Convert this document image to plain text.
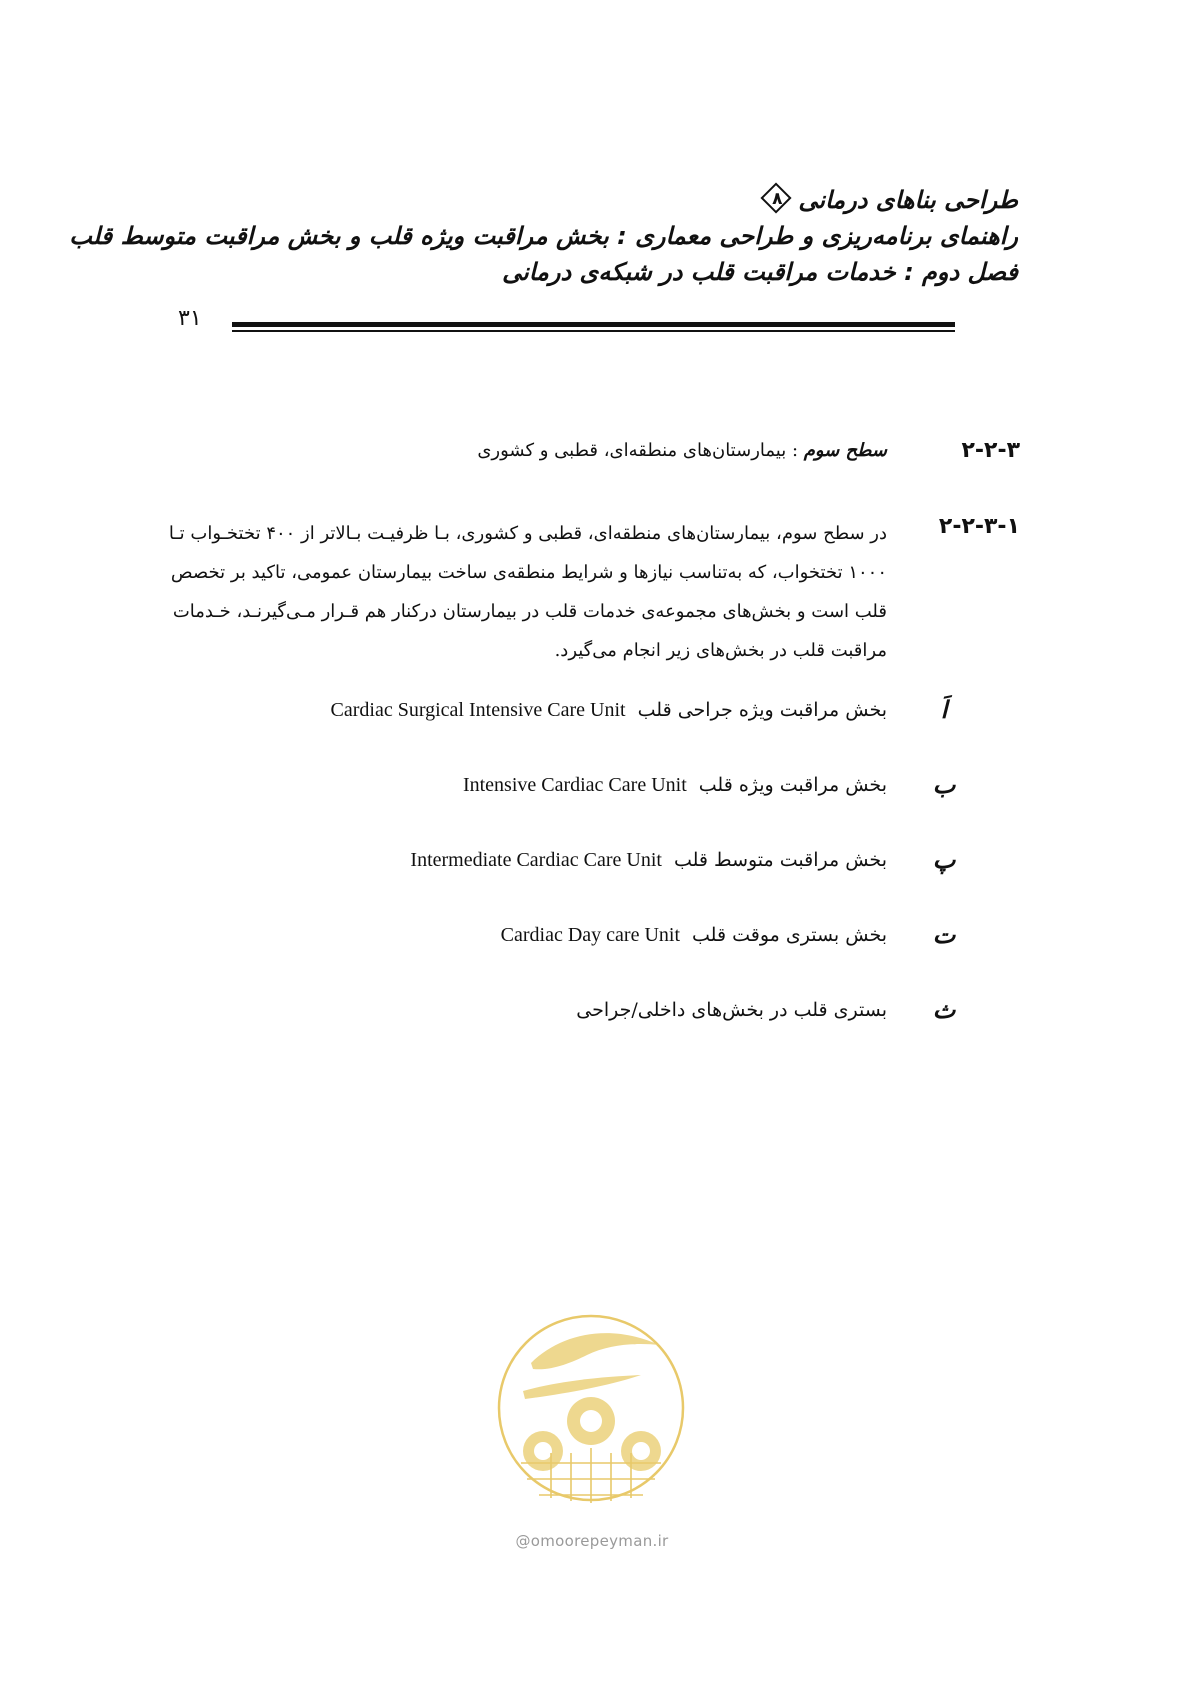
طراحی بناهای درمانی
۸

راهنمای برنامه‌ریزی و طراحی معماری : بخش مراقبت ویژه قلب و بخش مراقبت متوسط قلب

فصل دوم : خدمات مراقبت قلب در شبکه‌ی درمانی

۳۱
۲-۲-۳
سطح سوم : بیمارستان‌های منطقه‌ای، قطبی و کشوری
۲-۲-۳-۱
در سطح سوم، بیمارستان‌های منطقه‌ای، قطبی و کشوری، بـا ظرفیـت بـالاتر از ۴۰۰ تختخـواب تـا
۱۰۰۰ تختخواب، که به‌تناسب نیازها و شرایط منطقه‌ی ساخت بیمارستان عمومی، تاکید بر تخصص
قلب است و بخش‌های مجموعه‌ی خدمات قلب در بیمارستان درکنار هم قـرار مـی‌گیرنـد، خـدمات
مراقبت قلب در بخش‌های زیر انجام می‌گیرد.
اَ
بخش مراقبت ویژه جراحی قلبCardiac Surgical Intensive Care Unit
ب
بخش مراقبت ویژه قلبIntensive Cardiac Care Unit
پ
بخش مراقبت متوسط قلبIntermediate Cardiac Care Unit
ت
بخش بستری موقت قلبCardiac Day care Unit
ث
بستری قلب در بخش‌های داخلی/جراحی
@omoorepeyman.ir
